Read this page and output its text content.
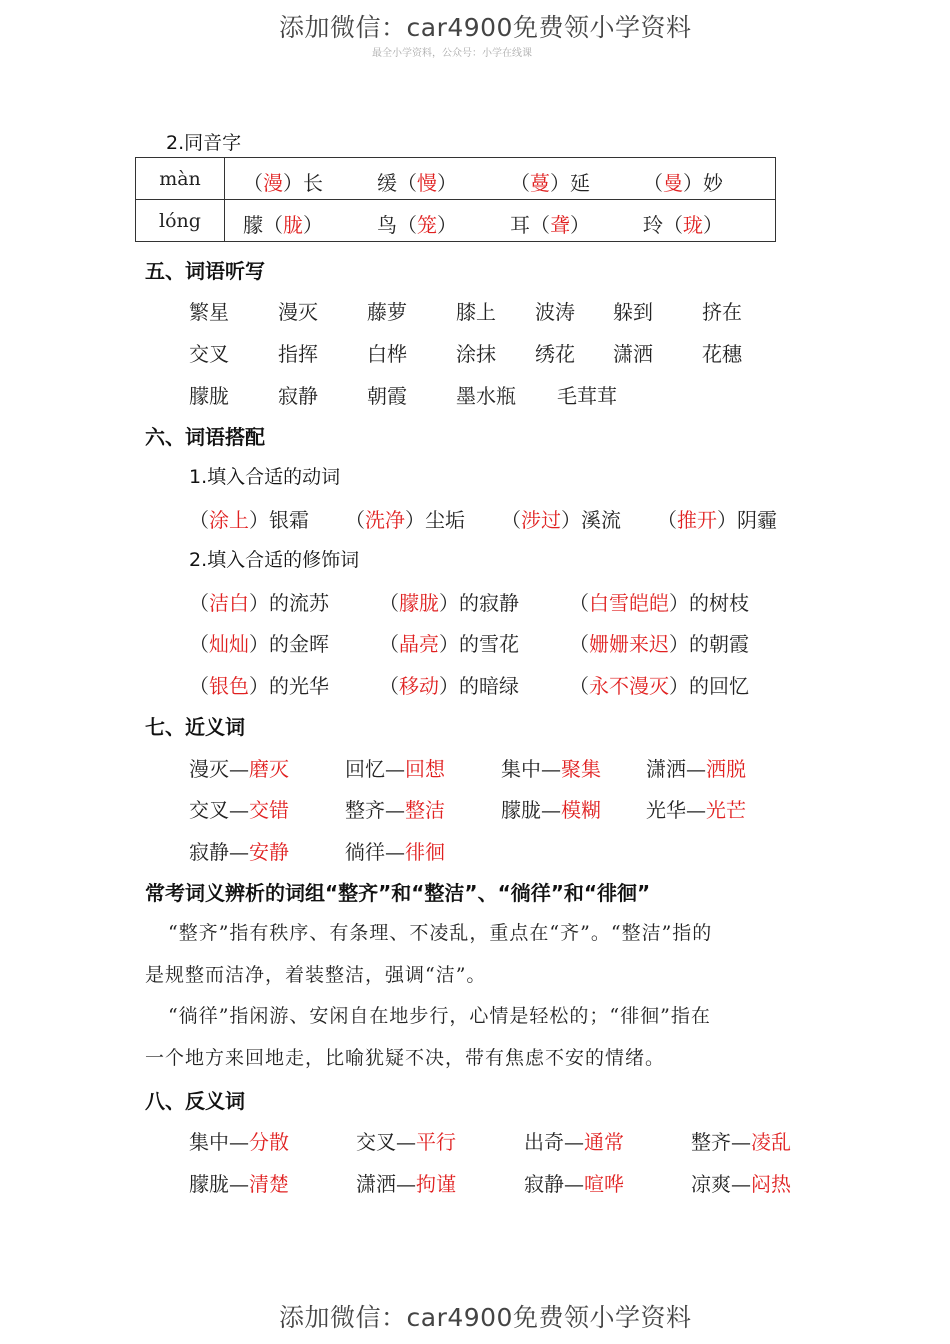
添加微信：car4900免费领小学资料
最全小学资料，公众号：小学在线课
2.同音字
màn	（漫）长 缓（慢） （蔓）延 （曼）妙

lóng	朦（胧） 鸟（笼） 耳（聋） 玲（珑）
五、词语听写
繁星 漫灭 藤萝 膝上 波涛 躲到 挤在
交叉 指挥 白桦 涂抹 绣花 潇洒 花穗
朦胧 寂静 朝霞 墨水瓶 毛茸茸
六、词语搭配
1.填入合适的动词
（涂上）银霜 （洗净）尘垢 （涉过）溪流 （推开）阴霾
2.填入合适的修饰词
（洁白）的流苏	（朦胧）的寂静	（白雪皑皑）的树枝
（灿灿）的金晖	（晶亮）的雪花	（姗姗来迟）的朝霞
（银色）的光华	（移动）的暗绿	（永不漫灭）的回忆
七、近义词
漫灭—磨灭	回忆—回想	集中—聚集 潇洒—洒脱
交叉—交错	整齐—整洁	朦胧—模糊 光华—光芒
寂静—安静	徜徉—徘徊
常考词义辨析的词组“整齐”和“整洁”、“徜徉”和“徘徊”
“整齐”指有秩序、有条理、不凌乱，重点在“齐”。“整洁”指的
是规整而洁净，着装整洁，强调“洁”。
“徜徉”指闲游、安闲自在地步行，心情是轻松的；“徘徊”指在
一个地方来回地走，比喻犹疑不决，带有焦虑不安的情绪。
八、反义词
集中—分散	交叉—平行	出奇—通常	整齐—凌乱
朦胧—清楚	潇洒—拘谨	寂静—喧哗	凉爽—闷热
添加微信：car4900免费领小学资料
